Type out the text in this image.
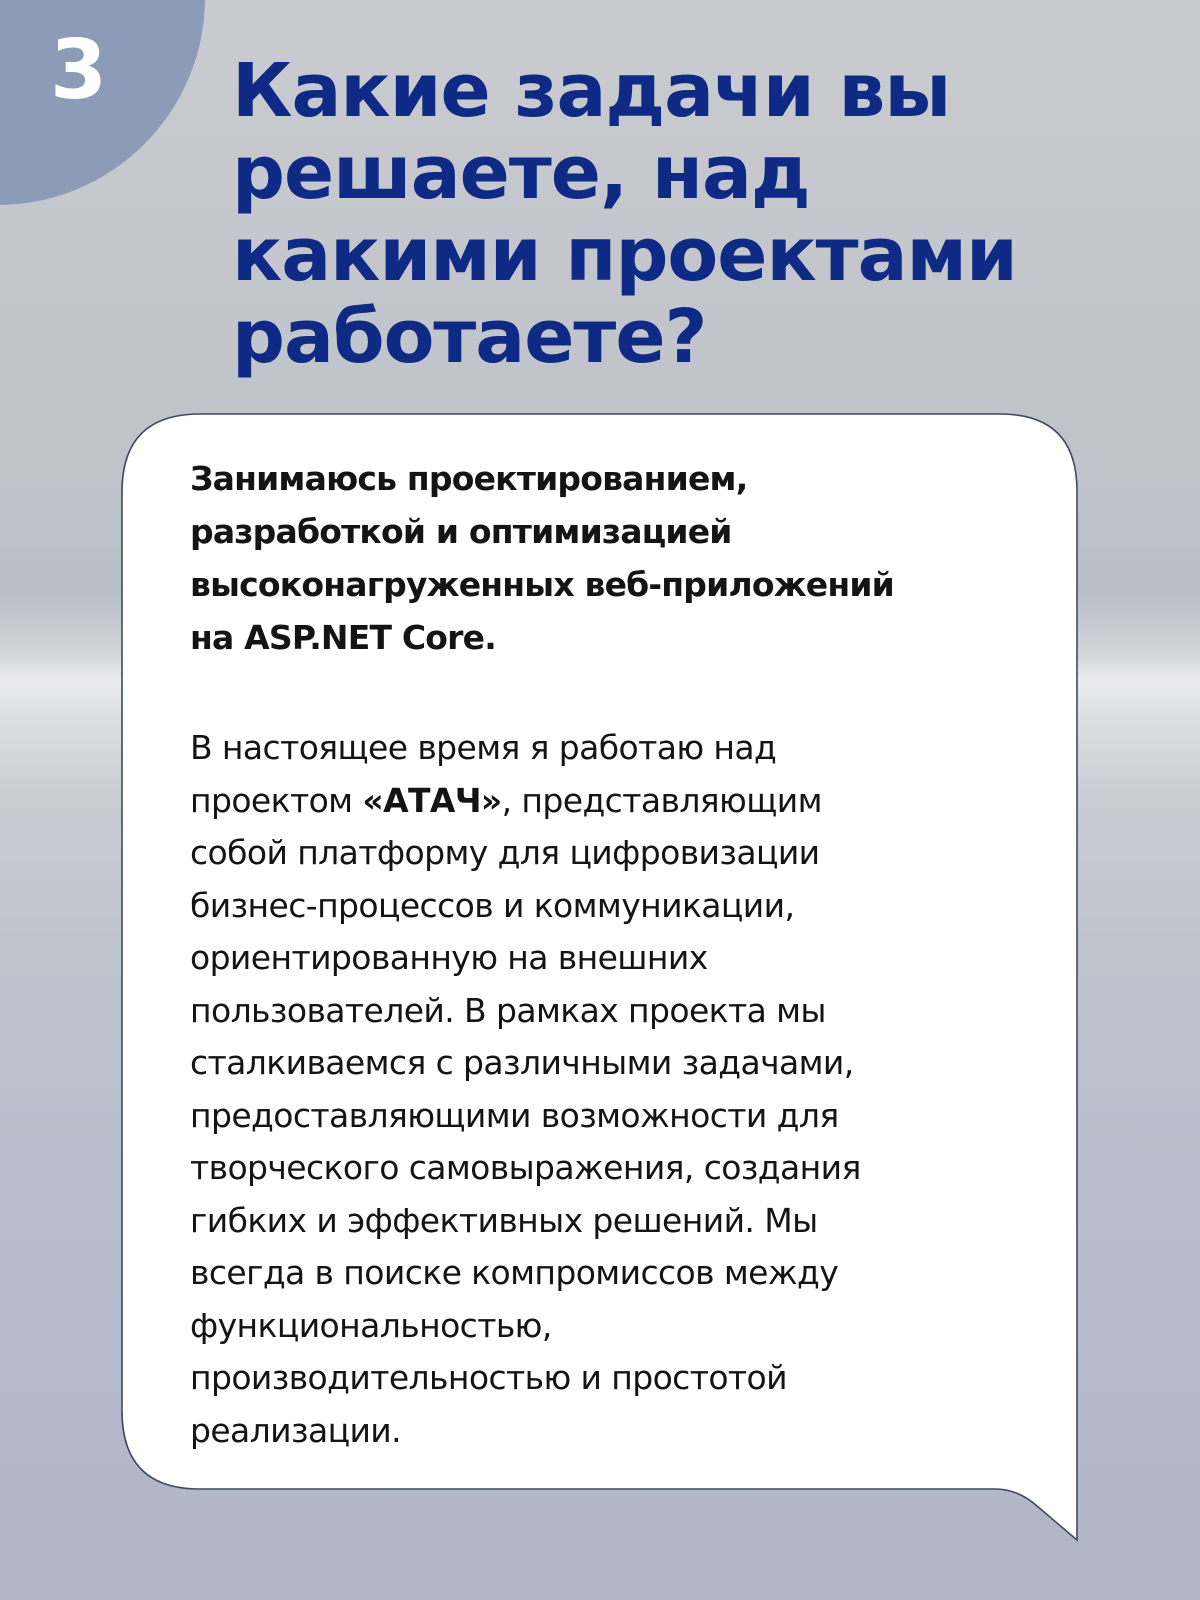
3 Какие задачи вы
решаете, над
какими проектами
работаете?

Занимаюсь проектированием,
разработкой и оптимизацией
высоконагруженных веб-приложений
на ASP.NET Core.

В настоящее время я работаю над
проектом «АТАЧ», представляющим
собой платформу для цифровизации
бизнес-процессов и коммуникации,
ориентированную на внешних
пользователей. В рамках проекта мы
сталкиваемся с различными задачами,
предоставляющими возможности для
творческого самовыражения, создания
гибких и эффективных решений. Мы
всегда в поиске компромиссов между
функциональностью,
производительностью и простотой
реализации.
